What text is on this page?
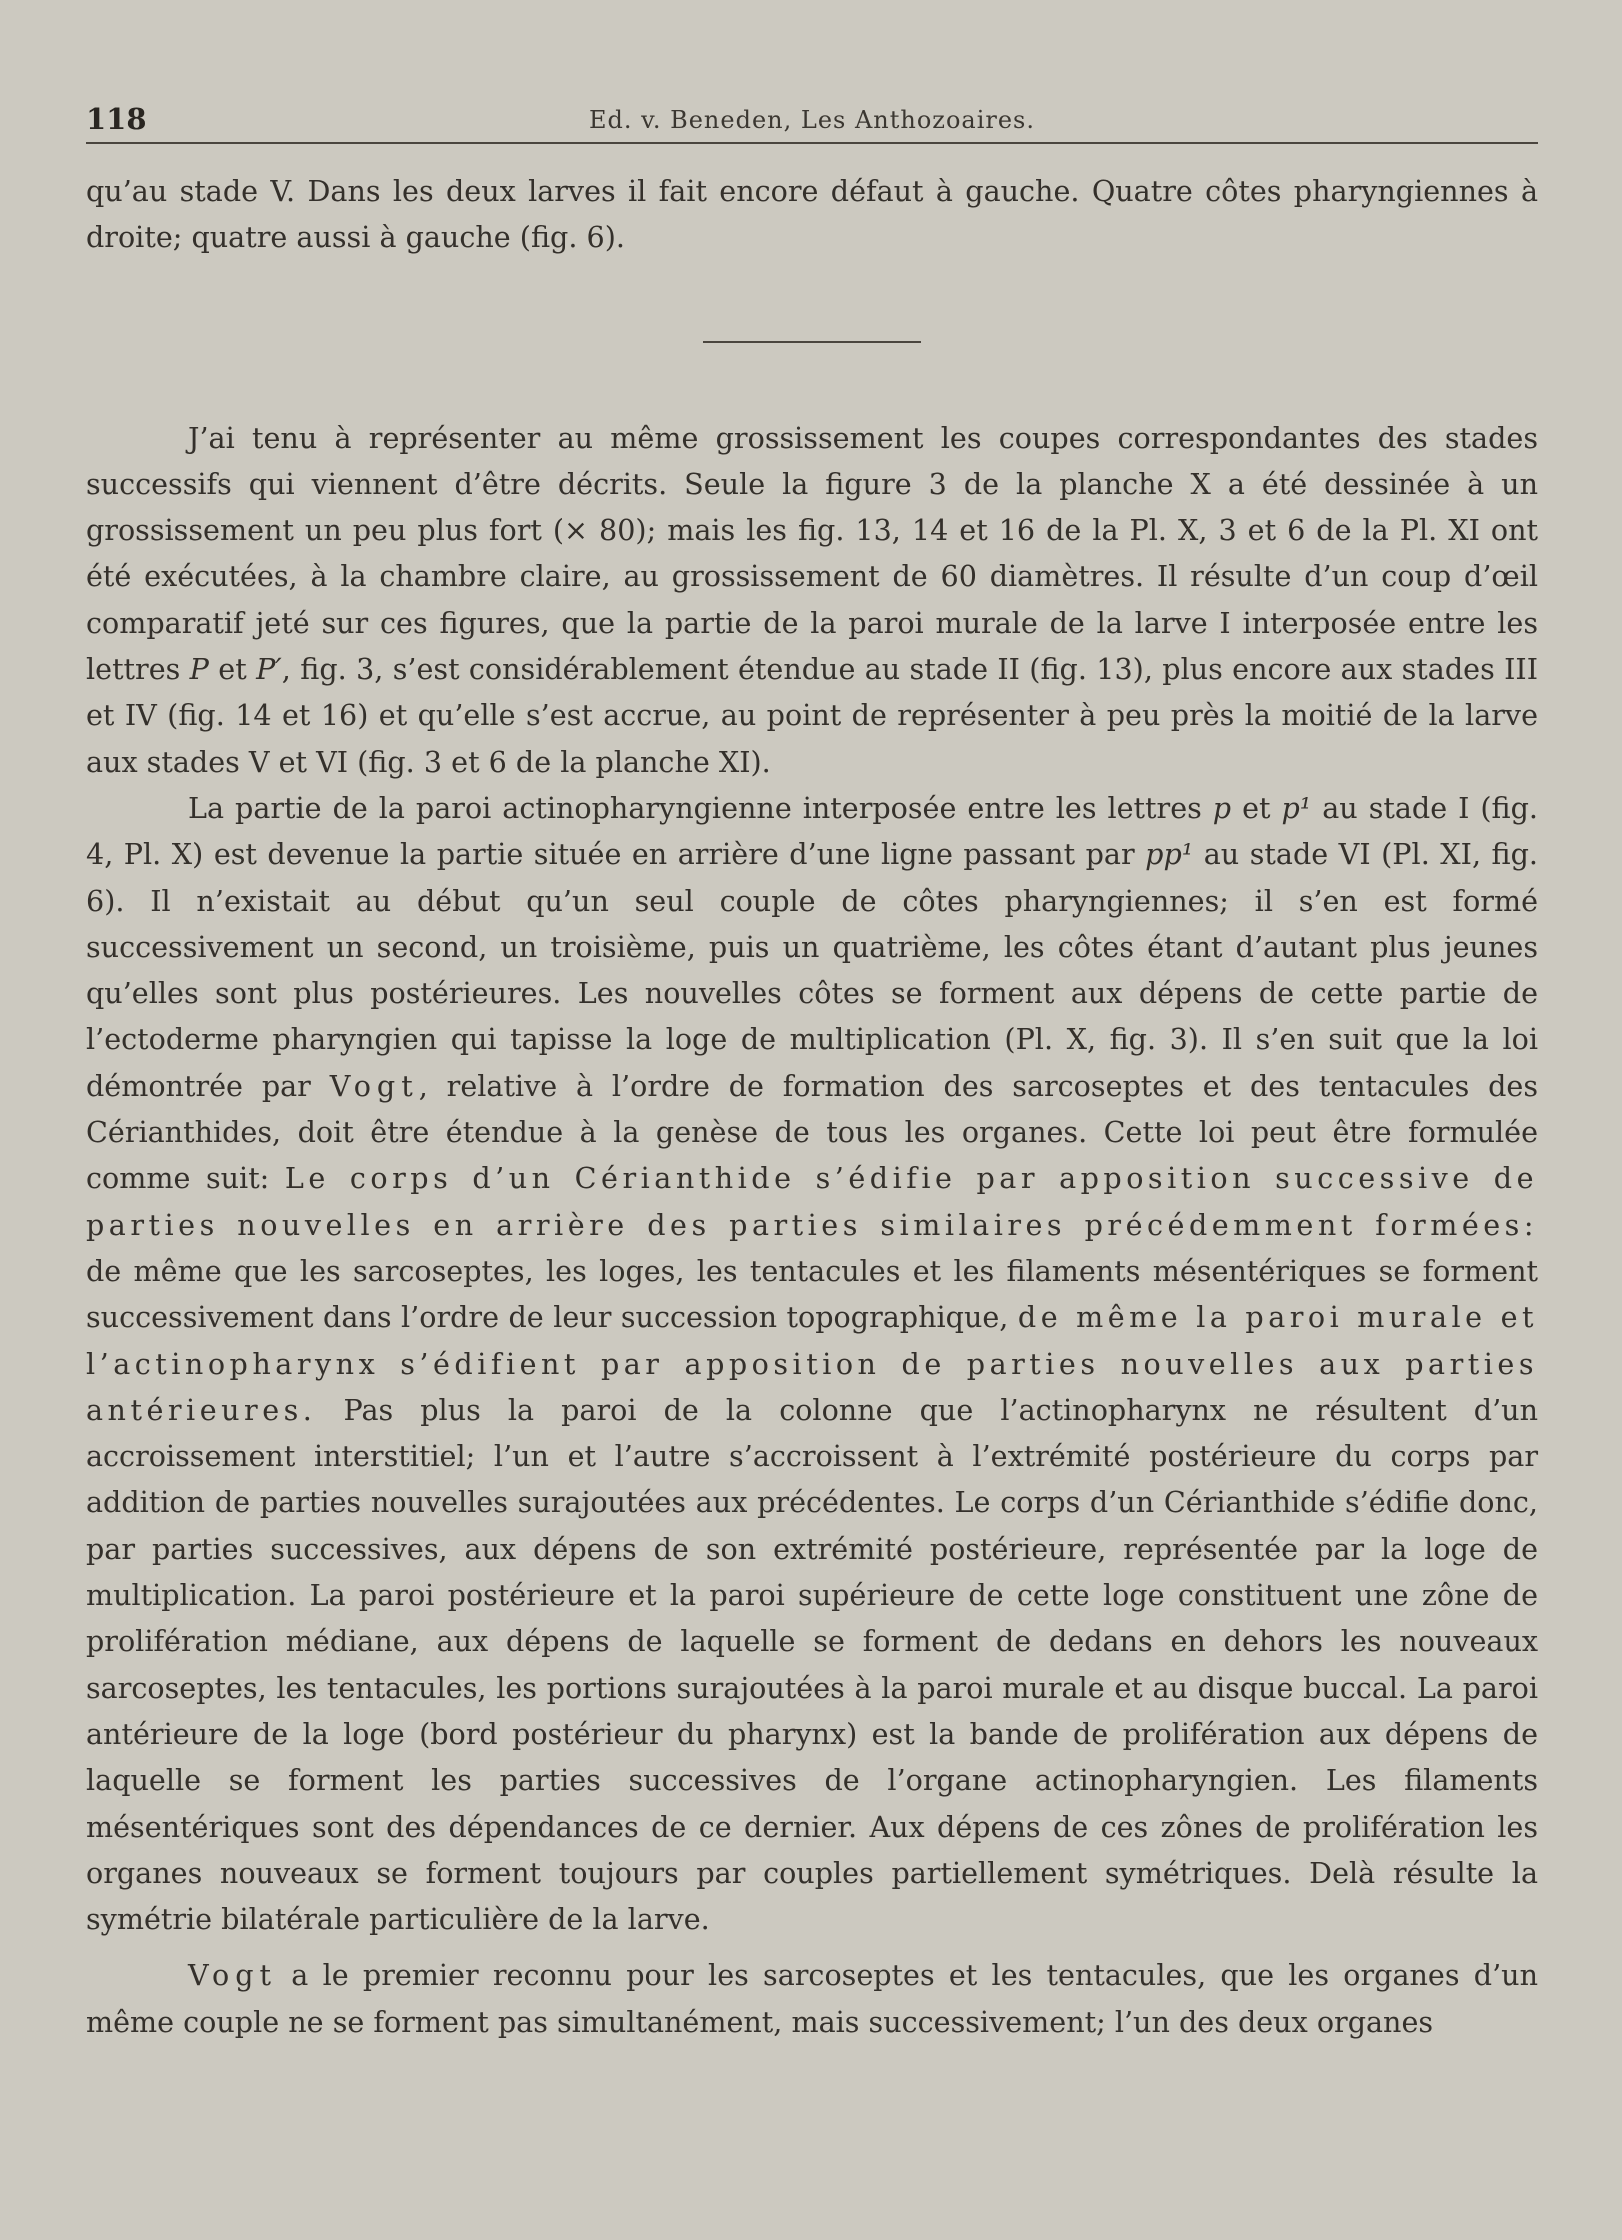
118	Ed. v. Beneden, Les Anthozoaires.

qu’au stade V. Dans les deux larves il fait encore défaut à gauche. Quatre côtes pharyngiennes à droite; quatre aussi à gauche (fig. 6).

J’ai tenu à représenter au même grossissement les coupes correspondantes des stades successifs qui viennent d’être décrits. Seule la figure 3 de la planche X a été dessinée à un grossissement un peu plus fort (× 80); mais les fig. 13, 14 et 16 de la Pl. X, 3 et 6 de la Pl. XI ont été exécutées, à la chambre claire, au grossissement de 60 diamètres. Il résulte d’un coup d’œil comparatif jeté sur ces figures, que la partie de la paroi murale de la larve I interposée entre les lettres P et P′, fig. 3, s’est considérablement étendue au stade II (fig. 13), plus encore aux stades III et IV (fig. 14 et 16) et qu’elle s’est accrue, au point de représenter à peu près la moitié de la larve aux stades V et VI (fig. 3 et 6 de la planche XI).

La partie de la paroi actinopharyngienne interposée entre les lettres p et p¹ au stade I (fig. 4, Pl. X) est devenue la partie située en arrière d’une ligne passant par pp¹ au stade VI (Pl. XI, fig. 6). Il n’existait au début qu’un seul couple de côtes pharyngiennes; il s’en est formé successivement un second, un troisième, puis un quatrième, les côtes étant d’autant plus jeunes qu’elles sont plus postérieures. Les nouvelles côtes se forment aux dépens de cette partie de l’ectoderme pharyngien qui tapisse la loge de multiplication (Pl. X, fig. 3). Il s’en suit que la loi démontrée par Vogt, relative à l’ordre de formation des sarcoseptes et des tentacules des Cérianthides, doit être étendue à la genèse de tous les organes. Cette loi peut être formulée comme suit: Le corps d’un Cérianthide s’édifie par apposition successive de parties nouvelles en arrière des parties similaires précédemment formées: de même que les sarcoseptes, les loges, les tentacules et les filaments mésentériques se forment successivement dans l’ordre de leur succession topographique, de même la paroi murale et l’actinopharynx s’édifient par apposition de parties nouvelles aux parties antérieures. Pas plus la paroi de la colonne que l’actinopharynx ne résultent d’un accroissement interstitiel; l’un et l’autre s’accroissent à l’extrémité postérieure du corps par addition de parties nouvelles surajoutées aux précédentes. Le corps d’un Cérianthide s’édifie donc, par parties successives, aux dépens de son extrémité postérieure, représentée par la loge de multiplication. La paroi postérieure et la paroi supérieure de cette loge constituent une zône de prolifération médiane, aux dépens de laquelle se forment de dedans en dehors les nouveaux sarcoseptes, les tentacules, les portions surajoutées à la paroi murale et au disque buccal. La paroi antérieure de la loge (bord postérieur du pharynx) est la bande de prolifération aux dépens de laquelle se forment les parties successives de l’organe actinopharyngien. Les filaments mésentériques sont des dépendances de ce dernier. Aux dépens de ces zônes de prolifération les organes nouveaux se forment toujours par couples partiellement symétriques. Delà résulte la symétrie bilatérale particulière de la larve.

Vogt a le premier reconnu pour les sarcoseptes et les tentacules, que les organes d’un même couple ne se forment pas simultanément, mais successivement; l’un des deux organes
